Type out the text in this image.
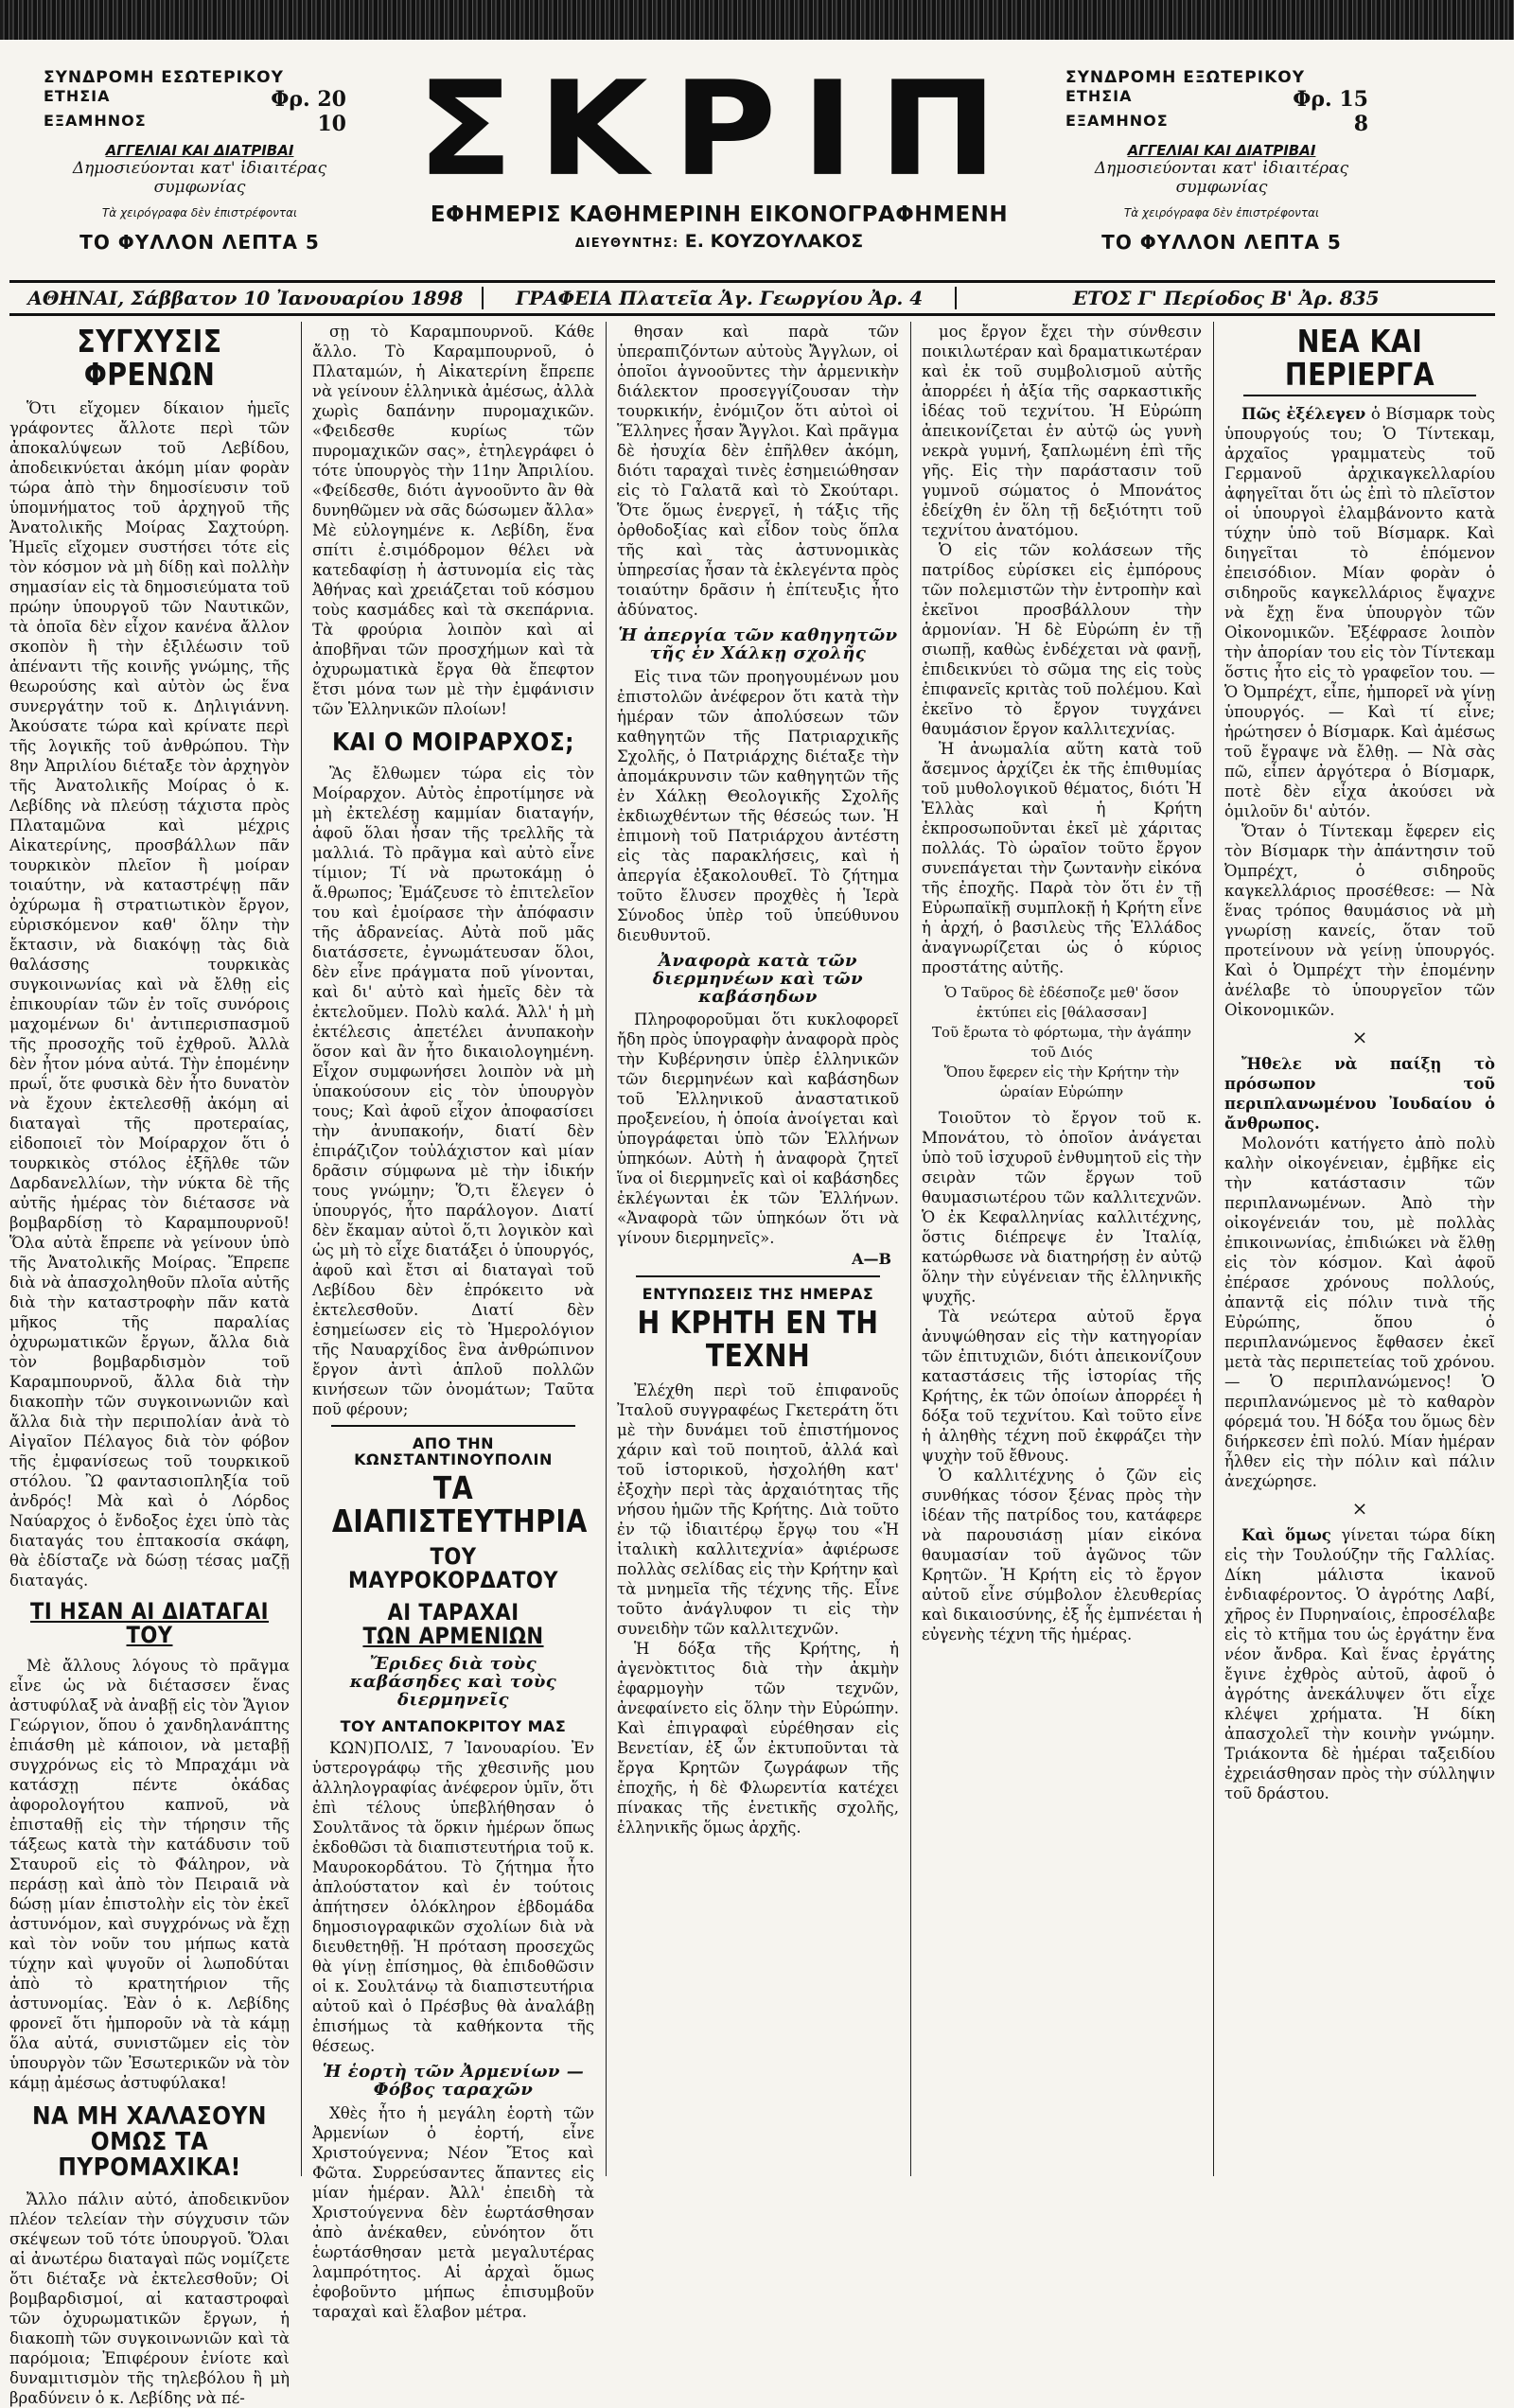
ΣΥΝΔΡΟΜΗ ΕΣΩΤΕΡΙΚΟΥ
ΕΤΗΣΙΑ	Φρ. 20
ΕΞΑΜΗΝΟΣ	10
ΑΓΓΕΛΙΑΙ ΚΑΙ ΔΙΑΤΡΙΒΑΙ
Δημοσιεύονται κατ' ἰδιαιτέρας συμφωνίας
Τὰ χειρόγραφα δὲν ἐπιστρέφονται
ΤΟ ΦΥΛΛΟΝ ΛΕΠΤΑ 5
ΣΚΡΙΠ
ΕΦΗΜΕΡΙΣ ΚΑΘΗΜΕΡΙΝΗ ΕΙΚΟΝΟΓΡΑΦΗΜΕΝΗ
ΔΙΕΥΘΥΝΤΗΣ: Ε. ΚΟΥΖΟΥΛΑΚΟΣ
ΣΥΝΔΡΟΜΗ ΕΞΩΤΕΡΙΚΟΥ
ΕΤΗΣΙΑ	Φρ. 15
ΕΞΑΜΗΝΟΣ	8
ΑΓΓΕΛΙΑΙ ΚΑΙ ΔΙΑΤΡΙΒΑΙ
Δημοσιεύονται κατ' ἰδιαιτέρας συμφωνίας
Τὰ χειρόγραφα δὲν ἐπιστρέφονται
ΤΟ ΦΥΛΛΟΝ ΛΕΠΤΑ 5
ΑΘΗΝΑΙ, Σάββατον 10 Ἰανουαρίου 1898	ΓΡΑΦΕΙΑ Πλατεῖα Ἁγ. Γεωργίου Ἀρ. 4	ΕΤΟΣ Γ' Περίοδος Β' Ἀρ. 835
ΣΥΓΧΥΣΙΣ ΦΡΕΝΩΝ

Ὅτι εἴχομεν δίκαιον ἡμεῖς γράφοντες ἄλλοτε περὶ τῶν ἀποκαλύψεων τοῦ Λεβίδου, ἀποδεικνύεται ἀκόμη μίαν φορὰν τώρα ἀπὸ τὴν δημοσίευσιν τοῦ ὑπομνήματος τοῦ ἀρχηγοῦ τῆς Ἀνατολικῆς Μοίρας Σαχτούρη. Ἡμεῖς εἴχομεν συστήσει τότε εἰς τὸν κόσμον νὰ μὴ δίδῃ καὶ πολλὴν σημασίαν εἰς τὰ δημοσιεύματα τοῦ πρώην ὑπουργοῦ τῶν Ναυτικῶν, τὰ ὁποῖα δὲν εἶχον κανένα ἄλλον σκοπὸν ἢ τὴν ἐξιλέωσιν τοῦ ἀπέναντι τῆς κοινῆς γνώμης, τῆς θεωρούσης καὶ αὐτὸν ὡς ἕνα συνεργάτην τοῦ κ. Δηλιγιάννη. Ἀκούσατε τώρα καὶ κρίνατε περὶ τῆς λογικῆς τοῦ ἀνθρώπου. Τὴν 8ην Ἀπριλίου διέταξε τὸν ἀρχηγὸν τῆς Ἀνατολικῆς Μοίρας ὁ κ. Λεβίδης νὰ πλεύσῃ τάχιστα πρὸς Πλαταμῶνα καὶ μέχρις Αἰκατερίνης, προσβάλλων πᾶν τουρκικὸν πλεῖον ἢ μοίραν τοιαύτην, νὰ καταστρέψῃ πᾶν ὀχύρωμα ἢ στρατιωτικὸν ἔργον, εὑρισκόμενον καθ' ὅλην τὴν ἔκτασιν, νὰ διακόψῃ τὰς διὰ θαλάσσης τουρκικὰς συγκοινωνίας καὶ νὰ ἔλθῃ εἰς ἐπικουρίαν τῶν ἐν τοῖς συνόροις μαχομένων δι' ἀντιπερισπασμοῦ τῆς προσοχῆς τοῦ ἐχθροῦ. Ἀλλὰ δὲν ἦτον μόνα αὐτά. Τὴν ἑπομένην πρωΐ, ὅτε φυσικὰ δὲν ἦτο δυνατὸν νὰ ἔχουν ἐκτελεσθῇ ἀκόμη αἱ διαταγαὶ τῆς προτεραίας, εἰδοποιεῖ τὸν Μοίραρχον ὅτι ὁ τουρκικὸς στόλος ἐξῆλθε τῶν Δαρδανελλίων, τὴν νύκτα δὲ τῆς αὐτῆς ἡμέρας τὸν διέτασσε νὰ βομβαρδίσῃ τὸ Καραμπουρνοῦ! Ὅλα αὐτὰ ἔπρεπε νὰ γείνουν ὑπὸ τῆς Ἀνατολικῆς Μοίρας. Ἔπρεπε διὰ νὰ ἀπασχοληθοῦν πλοῖα αὐτῆς διὰ τὴν καταστροφὴν πᾶν κατὰ μῆκος τῆς παραλίας ὀχυρωματικῶν ἔργων, ἄλλα διὰ τὸν βομβαρδισμὸν τοῦ Καραμπουρνοῦ, ἄλλα διὰ τὴν διακοπὴν τῶν συγκοινωνιῶν καὶ ἄλλα διὰ τὴν περιπολίαν ἀνὰ τὸ Αἰγαῖον Πέλαγος διὰ τὸν φόβον τῆς ἐμφανίσεως τοῦ τουρκικοῦ στόλου. Ὢ φαντασιοπληξία τοῦ ἀνδρός! Μὰ καὶ ὁ Λόρδος Ναύαρχος ὁ ἔνδοξος ἐχει ὑπὸ τὰς διαταγάς του ἐπτακοσία σκάφη, θὰ ἐδίσταζε νὰ δώσῃ τέσας μαζῇ διαταγάς.

ΤΙ ΗΣΑΝ ΑΙ ΔΙΑΤΑΓΑΙ ΤΟΥ

Μὲ ἄλλους λόγους τὸ πρᾶγμα εἶνε ὡς νὰ διέτασσεν ἕνας ἀστυφύλαξ νὰ ἀναβῇ εἰς τὸν Ἅγιον Γεώργιον, ὅπου ὁ χανδηλανάπτης ἐπιάσθη μὲ κάποιον, νὰ μεταβῇ συγχρόνως εἰς τὸ Μπραχάμι νὰ κατάσχῃ πέντε ὀκάδας ἀφορολογήτου καπνοῦ, νὰ ἐπισταθῇ εἰς τὴν τήρησιν τῆς τάξεως κατὰ τὴν κατάδυσιν τοῦ Σταυροῦ εἰς τὸ Φάληρον, νὰ περάσῃ καὶ ἀπὸ τὸν Πειραιᾶ νὰ δώσῃ μίαν ἐπιστολὴν εἰς τὸν ἐκεῖ ἀστυνόμον, καὶ συγχρόνως νὰ ἔχῃ καὶ τὸν νοῦν του μήπως κατὰ τύχην καὶ ψυγοῦν οἱ λωποδύται ἀπὸ τὸ κρατητήριον τῆς ἀστυνομίας. Ἐὰν ὁ κ. Λεβίδης φρονεῖ ὅτι ἡμποροῦν νὰ τὰ κάμῃ ὅλα αὐτά, συνιστῶμεν εἰς τὸν ὑπουργὸν τῶν Ἐσωτερικῶν νὰ τὸν κάμῃ ἀμέσως ἀστυφύλακα!

ΝΑ ΜΗ ΧΑΛΑΣΟΥΝ ΟΜΩΣ ΤΑ ΠΥΡΟΜΑΧΙΚΑ!

Ἄλλο πάλιν αὐτό, ἀποδεικνῦον πλέον τελείαν τὴν σύγχυσιν τῶν σκέψεων τοῦ τότε ὑπουργοῦ. Ὅλαι αἱ ἀνωτέρω διαταγαὶ πῶς νομίζετε ὅτι διέταξε νὰ ἐκτελεσθοῦν; Οἱ βομβαρδισμοί, αἱ καταστροφαὶ τῶν ὀχυρωματικῶν ἔργων, ἡ διακοπὴ τῶν συγκοινωνιῶν καὶ τὰ παρόμοια; Ἐπιφέρουν ἐνίοτε καὶ δυναμιτισμὸν τῆς τηλεβόλου ἢ μὴ βραδύνειν ὁ κ. Λεβίδης νὰ πέ-

σῃ τὸ Καραμπουρνοῦ. Κάθε ἄλλο. Τὸ Καραμπουρνοῦ, ὁ Πλαταμών, ἡ Αἰκατερίνη ἔπρεπε νὰ γείνουν ἑλληνικὰ ἀμέσως, ἀλλὰ χωρὶς δαπάνην πυρομαχικῶν. «Φειδεσθε κυρίως τῶν πυρομαχικῶν σας», ἐτηλεγράφει ὁ τότε ὑπουργὸς τὴν 11ην Ἀπριλίου. «Φείδεσθε, διότι ἀγνοοῦντο ἂν θὰ δυνηθῶμεν νὰ σᾶς δώσωμεν ἄλλα» Μὲ εὐλογημένε κ. Λεβίδη, ἕνα σπίτι ἐ.σιμόδρομον θέλει νὰ κατεδαφίσῃ ἡ ἀστυνομία εἰς τὰς Ἀθήνας καὶ χρειάζεται τοῦ κόσμου τοὺς κασμάδες καὶ τὰ σκεπάρνια. Τὰ φρούρια λοιπὸν καὶ αἱ ἀποβῆναι τῶν προσχήμων καὶ τὰ ὀχυρωματικὰ ἔργα θὰ ἔπεφτον ἔτσι μόνα των μὲ τὴν ἐμφάνισιν τῶν Ἑλληνικῶν πλοίων!

ΚΑΙ Ο ΜΟΙΡΑΡΧΟΣ;

Ἂς ἔλθωμεν τώρα εἰς τὸν Μοίραρχον. Αὐτὸς ἐπροτίμησε νὰ μὴ ἐκτελέσῃ καμμίαν διαταγήν, ἀφοῦ ὅλαι ἦσαν τῆς τρελλῆς τὰ μαλλιά. Τὸ πρᾶγμα καὶ αὐτὸ εἶνε τίμιον; Τί νὰ πρωτοκάμῃ ὁ ἄ.θρωπος; Ἐμάζευσε τὸ ἐπιτελεῖον του καὶ ἐμοίρασε τὴν ἀπόφασιν τῆς ἀδρανείας. Αὐτὰ ποῦ μᾶς διατάσσετε, ἐγνωμάτευσαν ὅλοι, δὲν εἶνε πράγματα ποῦ γίνονται, καὶ δι' αὐτὸ καὶ ἡμεῖς δὲν τὰ ἐκτελοῦμεν. Πολὺ καλά. Ἀλλ' ἡ μὴ ἐκτέλεσις ἀπετέλει ἀνυπακοὴν ὅσον καὶ ἂν ἦτο δικαιολογημένη. Εἶχον συμφωνήσει λοιπὸν νὰ μὴ ὑπακούσουν εἰς τὸν ὑπουργὸν τους; Καὶ ἀφοῦ εἶχον ἀποφασίσει τὴν ἀνυπακοήν, διατί δὲν ἐπιράζιζον τοὐλάχιστον καὶ μίαν δρᾶσιν σύμφωνα μὲ τὴν ἰδικήν τους γνώμην; Ὅ,τι ἔλεγεν ὁ ὑπουργός, ἦτο παράλογον. Διατί δὲν ἔκαμαν αὐτοὶ ὅ,τι λογικὸν καὶ ὡς μὴ τὸ εἶχε διατάξει ὁ ὑπουργός, ἀφοῦ καὶ ἔτσι αἱ διαταγαὶ τοῦ Λεβίδου δὲν ἐπρόκειτο νὰ ἐκτελεσθοῦν. Διατί δὲν ἐσημείωσεν εἰς τὸ Ἡμερολόγιον τῆς Ναυαρχίδος ἓνα ἀνθρώπινον ἔργον ἀντὶ ἁπλοῦ πολλῶν κινήσεων τῶν ὀνομάτων; Ταῦτα ποῦ φέρουν;

ΑΠΟ ΤΗΝ ΚΩΝΣΤΑΝΤΙΝΟΥΠΟΛΙΝ
ΤΑ ΔΙΑΠΙΣΤΕΥΤΗΡΙΑ
ΤΟΥ ΜΑΥΡΟΚΟΡΔΑΤΟΥ
ΑΙ ΤΑΡΑΧΑΙ
ΤΩΝ ΑΡΜΕΝΙΩΝ
Ἔριδες διὰ τοὺς καβάσηδες καὶ τοὺς διερμηνεῖς
ΤΟΥ ΑΝΤΑΠΟΚΡΙΤΟΥ ΜΑΣ

ΚΩΝ)ΠΟΛΙΣ, 7 Ἰανουαρίου. Ἐν ὑστερογράφῳ τῆς χθεσινῆς μου ἀλληλογραφίας ἀνέφερον ὑμῖν, ὅτι ἐπὶ τέλους ὑπεβλήθησαν ὁ Σουλτᾶνος τὰ ὅρκιν ἡμέρων ὅπως ἐκδοθῶσι τὰ διαπιστευτήρια τοῦ κ. Μαυροκορδάτου. Τὸ ζήτημα ἦτο ἀπλούστατον καὶ ἐν τούτοις ἀπήτησεν ὁλόκληρον ἑβδομάδα δημοσιογραφικῶν σχολίων διὰ νὰ διευθετηθῇ. Ἡ πρόταση προσεχῶς θὰ γίνῃ ἐπίσημος, θὰ ἐπιδοθῶσιν οἱ κ. Σουλτάνῳ τὰ διαπιστευτήρια αὐτοῦ καὶ ὁ Πρέσβυς θὰ ἀναλάβῃ ἐπισήμως τὰ καθήκοντα τῆς θέσεως.

Ἡ ἑορτὴ τῶν Ἀρμενίων — Φόβος ταραχῶν

Χθὲς ἦτο ἡ μεγάλη ἑορτὴ τῶν Ἀρμενίων ὁ ἐορτή, εἶνε Χριστούγεννα; Νέον Ἔτος καὶ Φῶτα. Συρρεύσαντες ἅπαντες εἰς μίαν ἡμέραν. Ἀλλ' ἐπειδὴ τὰ Χριστούγεννα δὲν ἑωρτάσθησαν ἀπὸ ἀνέκαθεν, εὐνόητον ὅτι ἑωρτάσθησαν μετὰ μεγαλυτέρας λαμπρότητος. Αἱ ἀρχαὶ ὅμως ἐφοβοῦντο μήπως ἐπισυμβοῦν ταραχαὶ καὶ ἔλαβον μέτρα.

θησαν καὶ παρὰ τῶν ὑπεραπιζόντων αὐτοὺς Ἄγγλων, οἱ ὁποῖοι ἀγνοοῦντες τὴν ἀρμενικὴν διάλεκτον προσεγγίζουσαν τὴν τουρκικήν, ἐνόμιζον ὅτι αὐτοὶ οἱ Ἕλληνες ἦσαν Ἄγγλοι. Καὶ πρᾶγμα δὲ ἠσυχία δὲν ἐπῆλθεν ἀκόμη, διότι ταραχαὶ τινὲς ἐσημειώθησαν εἰς τὸ Γαλατᾶ καὶ τὸ Σκούταρι. Ὅτε ὅμως ἐνεργεῖ, ἡ τάξις τῆς ὀρθοδοξίας καὶ εἶδον τοὺς ὅπλα τῆς καὶ τὰς ἀστυνομικὰς ὑπηρεσίας ἦσαν τὰ ἐκλεγέντα πρὸς τοιαύτην δρᾶσιν ἡ ἐπίτευξις ἦτο ἀδύνατος.

Ἡ ἀπεργία τῶν καθηγητῶν τῆς ἐν Χάλκῃ σχολῆς

Εἰς τινα τῶν προηγουμένων μου ἐπιστολῶν ἀνέφερον ὅτι κατὰ τὴν ἡμέραν τῶν ἀπολύσεων τῶν καθηγητῶν τῆς Πατριαρχικῆς Σχολῆς, ὁ Πατριάρχης διέταξε τὴν ἀπομάκρυνσιν τῶν καθηγητῶν τῆς ἐν Χάλκῃ Θεολογικῆς Σχολῆς ἐκδιωχθέντων τῆς θέσεώς των. Ἡ ἐπιμονὴ τοῦ Πατριάρχου ἀντέστη εἰς τὰς παρακλήσεις, καὶ ἡ ἀπεργία ἐξακολουθεῖ. Τὸ ζήτημα τοῦτο ἔλυσεν προχθὲς ἡ Ἱερὰ Σύνοδος ὑπὲρ τοῦ ὑπεύθυνου διευθυντοῦ.

Ἀναφορὰ κατὰ τῶν διερμηνέων καὶ τῶν καβάσηδων

Πληροφοροῦμαι ὅτι κυκλοφορεῖ ἤδη πρὸς ὑπογραφὴν ἀναφορὰ πρὸς τὴν Κυβέρνησιν ὑπὲρ ἑλληνικῶν τῶν διερμηνέων καὶ καβάσηδων τοῦ Ἑλληνικοῦ ἀναστατικοῦ προξενείου, ἡ ὁποία ἀνοίγεται καὶ ὑπογράφεται ὑπὸ τῶν Ἑλλήνων ὑπηκόων. Αὐτὴ ἡ ἀναφορὰ ζητεῖ ἵνα οἱ διερμηνεῖς καὶ οἱ καβάσηδες ἐκλέγωνται ἐκ τῶν Ἑλλήνων. «Ἀναφορὰ τῶν ὑπηκόων ὅτι νὰ γίνουν διερμηνεῖς».

Α—Β
ΕΝΤΥΠΩΣΕΙΣ ΤΗΣ ΗΜΕΡΑΣ
Η ΚΡΗΤΗ ΕΝ ΤΗ ΤΕΧΝΗ

Ἐλέχθη περὶ τοῦ ἐπιφανοῦς Ἰταλοῦ συγγραφέως Γκετεράτη ὅτι μὲ τὴν δυνάμει τοῦ ἐπιστήμονος χάριν καὶ τοῦ ποιητοῦ, ἀλλά καὶ τοῦ ἱστορικοῦ, ἠσχολήθη κατ' ἐξοχὴν περὶ τὰς ἀρχαιότητας τῆς νήσου ἡμῶν τῆς Κρήτης. Διὰ τοῦτο ἐν τῷ ἰδιαιτέρῳ ἔργῳ του «Ἡ ἰταλικὴ καλλιτεχνία» ἀφιέρωσε πολλὰς σελίδας εἰς τὴν Κρήτην καὶ τὰ μνημεῖα τῆς τέχνης τῆς. Εἶνε τοῦτο ἀνάγλυφον τι εἰς τὴν συνειδὴν τῶν καλλιτεχνῶν.

Ἡ δόξα τῆς Κρήτης, ἡ ἀγενὸκτιτος διὰ τὴν ἀκμὴν ἐφαρμογὴν τῶν τεχνῶν, ἀνεφαίνετο εἰς ὅλην τὴν Εὐρώπην. Καὶ ἐπιγραφαὶ εὑρέθησαν εἰς Βενετίαν, ἐξ ὧν ἐκτυποῦνται τὰ ἔργα Κρητῶν ζωγράφων τῆς ἐποχῆς, ἡ δὲ Φλωρεντία κατέχει πίνακας τῆς ἑνετικῆς σχολῆς, ἑλληνικῆς ὅμως ἀρχῆς.

μος ἔργον ἔχει τὴν σύνθεσιν ποικιλωτέραν καὶ δραματικωτέραν καὶ ἐκ τοῦ συμβολισμοῦ αὐτῆς ἀπορρέει ἡ ἀξία τῆς σαρκαστικῆς ἰδέας τοῦ τεχνίτου. Ἡ Εὐρώπη ἀπεικονίζεται ἐν αὐτῷ ὡς γυνὴ νεκρὰ γυμνή, ξαπλωμένη ἐπὶ τῆς γῆς. Εἰς τὴν παράστασιν τοῦ γυμνοῦ σώματος ὁ Μπονάτος ἐδείχθη ἐν ὅλη τῇ δεξιότητι τοῦ τεχνίτου ἀνατόμου.

Ὁ εἰς τῶν κολάσεων τῆς πατρίδος εὑρίσκει εἰς ἐμπόρους τῶν πολεμιστῶν τὴν ἐντροπὴν καὶ ἐκεῖνοι προσβάλλουν τὴν ἁρμονίαν. Ἡ δὲ Εὐρώπη ἐν τῇ σιωπῇ, καθὼς ἐνδέχεται νὰ φανῇ, ἐπιδεικνύει τὸ σῶμα της εἰς τοὺς ἐπιφανεῖς κριτὰς τοῦ πολέμου. Καὶ ἐκεῖνο τὸ ἔργον τυγχάνει θαυμάσιον ἔργον καλλιτεχνίας.

Ἡ ἀνωμαλία αὕτη κατὰ τοῦ ἄσεμνος ἀρχίζει ἐκ τῆς ἐπιθυμίας τοῦ μυθολογικοῦ θέματος, διότι Ἡ Ἑλλὰς καὶ ἡ Κρήτη ἐκπροσωποῦνται ἐκεῖ μὲ χάριτας πολλάς. Τὸ ὡραῖον τοῦτο ἔργον συνεπάγεται τὴν ζωντανὴν εἰκόνα τῆς ἐποχῆς. Παρὰ τὸν ὅτι ἐν τῇ Εὐρωπαϊκῇ συμπλοκῇ ἡ Κρήτη εἶνε ἡ ἀρχή, ὁ βασιλεὺς τῆς Ἑλλάδος ἀναγνωρίζεται ὡς ὁ κύριος προστάτης αὐτῆς.

Ὁ Ταῦρος δὲ ἐδέσποζε μεθ' ὅσον ἐκτύπει εἰς [θάλασσαν]

Τοῦ ἔρωτα τὸ φόρτωμα, τὴν ἀγάπην τοῦ Διός

Ὅπου ἔφερεν εἰς τὴν Κρήτην τὴν ὡραίαν Εὐρώπην

Τοιοῦτον τὸ ἔργον τοῦ κ. Μπονάτου, τὸ ὁποῖον ἀνάγεται ὑπὸ τοῦ ἰσχυροῦ ἐνθυμητοῦ εἰς τὴν σειρὰν τῶν ἔργων τοῦ θαυμασιωτέρου τῶν καλλιτεχνῶν. Ὁ ἐκ Κεφαλληνίας καλλιτέχνης, ὅστις διέπρεψε ἐν Ἰταλίᾳ, κατώρθωσε νὰ διατηρήσῃ ἐν αὐτῷ ὅλην τὴν εὐγένειαν τῆς ἑλληνικῆς ψυχῆς.

Τὰ νεώτερα αὐτοῦ ἔργα ἀνυψώθησαν εἰς τὴν κατηγορίαν τῶν ἐπιτυχιῶν, διότι ἀπεικονίζουν καταστάσεις τῆς ἱστορίας τῆς Κρήτης, ἐκ τῶν ὁποίων ἀπορρέει ἡ δόξα τοῦ τεχνίτου. Καὶ τοῦτο εἶνε ἡ ἀληθὴς τέχνη ποῦ ἐκφράζει τὴν ψυχὴν τοῦ ἔθνους.

Ὁ καλλιτέχνης ὁ ζῶν εἰς συνθήκας τόσον ξένας πρὸς τὴν ἰδέαν τῆς πατρίδος του, κατάφερε νὰ παρουσιάσῃ μίαν εἰκόνα θαυμασίαν τοῦ ἀγῶνος τῶν Κρητῶν. Ἡ Κρήτη εἰς τὸ ἔργον αὐτοῦ εἶνε σύμβολον ἐλευθερίας καὶ δικαιοσύνης, ἐξ ἧς ἐμπνέεται ἡ εὐγενὴς τέχνη τῆς ἡμέρας.

ΝΕΑ ΚΑΙ ΠΕΡΙΕΡΓΑ

Πῶς ἐξέλεγεν ὁ Βίσμαρκ τοὺς ὑπουργούς του; Ὁ Τίντεκαμ, ἀρχαῖος γραμματεὺς τοῦ Γερμανοῦ ἀρχικαγκελλαρίου ἀφηγεῖται ὅτι ὡς ἐπὶ τὸ πλεῖστον οἱ ὑπουργοὶ ἐλαμβάνοντο κατὰ τύχην ὑπὸ τοῦ Βίσμαρκ. Καὶ διηγεῖται τὸ ἑπόμενον ἐπεισόδιον. Μίαν φορὰν ὁ σιδηροῦς καγκελλάριος ἔψαχνε νὰ ἔχῃ ἕνα ὑπουργὸν τῶν Οἰκονομικῶν. Ἐξέφρασε λοιπὸν τὴν ἀπορίαν του εἰς τὸν Τίντεκαμ ὅστις ἦτο εἰς τὸ γραφεῖον του. — Ὁ Ὀμπρέχτ, εἶπε, ἠμπορεῖ νὰ γίνῃ ὑπουργός. — Καὶ τί εἶνε; ἠρώτησεν ὁ Βίσμαρκ. Καὶ ἀμέσως τοῦ ἔγραψε νὰ ἔλθῃ. — Νὰ σὰς πῶ, εἶπεν ἀργότερα ὁ Βίσμαρκ, ποτὲ δὲν εἶχα ἀκούσει νὰ ὁμιλοῦν δι' αὐτόν.

Ὅταν ὁ Τίντεκαμ ἔφερεν εἰς τὸν Βίσμαρκ τὴν ἀπάντησιν τοῦ Ὀμπρέχτ, ὁ σιδηροῦς καγκελλάριος προσέθεσε: — Νὰ ἕνας τρόπος θαυμάσιος νὰ μὴ γνωρίσῃ κανείς, ὅταν τοῦ προτείνουν νὰ γείνῃ ὑπουργός. Καὶ ὁ Ὀμπρέχτ τὴν ἐπομένην ἀνέλαβε τὸ ὑπουργεῖον τῶν Οἰκονομικῶν.

×

Ἤθελε νὰ παίξῃ τὸ πρόσωπον τοῦ περιπλανωμένου Ἰουδαίου ὁ ἄνθρωπος.

Μολονότι κατήγετο ἀπὸ πολὺ καλὴν οἰκογένειαν, ἐμβῆκε εἰς τὴν κατάστασιν τῶν περιπλανωμένων. Ἀπὸ τὴν οἰκογένειάν του, μὲ πολλὰς ἐπικοινωνίας, ἐπιδιώκει νὰ ἔλθῃ εἰς τὸν κόσμον. Καὶ ἀφοῦ ἐπέρασε χρόνους πολλούς, ἀπαντᾷ εἰς πόλιν τινὰ τῆς Εὐρώπης, ὅπου ὁ περιπλανώμενος ἔφθασεν ἐκεῖ μετὰ τὰς περιπετείας τοῦ χρόνου. — Ὁ περιπλανώμενος! Ὁ περιπλανώμενος μὲ τὸ καθαρὸν φόρεμά του. Ἡ δόξα του ὅμως δὲν διήρκεσεν ἐπὶ πολύ. Μίαν ἡμέραν ἦλθεν εἰς τὴν πόλιν καὶ πάλιν ἀνεχώρησε.

×

Καὶ ὅμως γίνεται τώρα δίκη εἰς τὴν Τουλούζην τῆς Γαλλίας. Δίκη μάλιστα ἱκανοῦ ἐνδιαφέροντος. Ὁ ἀγρότης Λαβί, χῆρος ἐν Πυρηναίοις, ἐπροσέλαβε εἰς τὸ κτῆμα του ὡς ἐργάτην ἕνα νέον ἄνδρα. Καὶ ἕνας ἐργάτης ἔγινε ἐχθρὸς αὐτοῦ, ἀφοῦ ὁ ἀγρότης ἀνεκάλυψεν ὅτι εἶχε κλέψει χρήματα. Ἡ δίκη ἀπασχολεῖ τὴν κοινὴν γνώμην. Τριάκοντα δὲ ἡμέραι ταξειδίου ἐχρειάσθησαν πρὸς τὴν σύλληψιν τοῦ δράστου.
